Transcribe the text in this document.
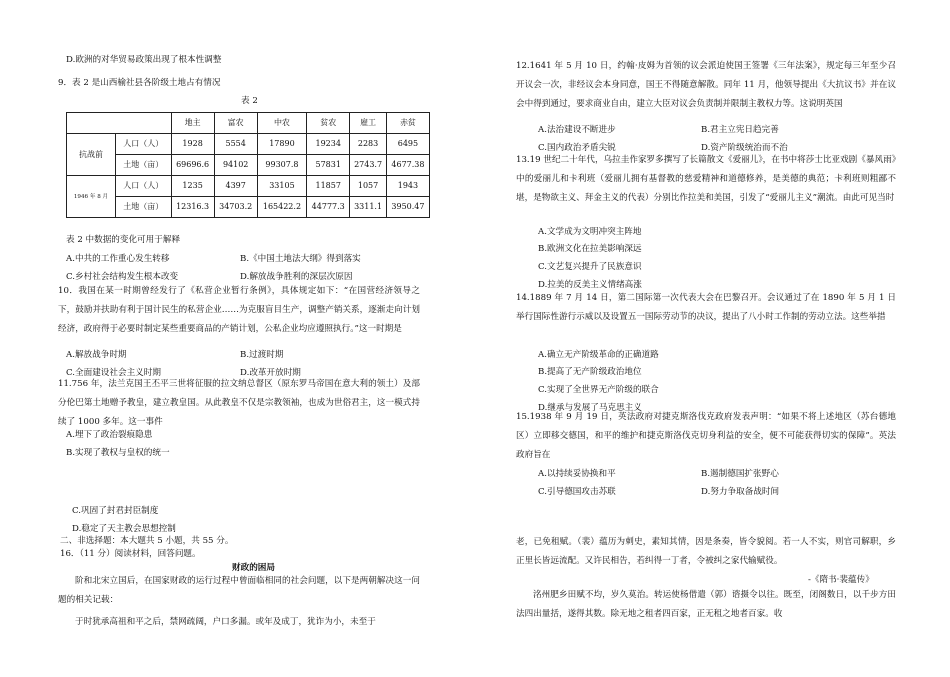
D.欧洲的对华贸易政策出现了根本性调整
9．表 2 是山西榆社县各阶级土地占有情况
表 2
		地主	富农	中农	贫农	雇工	赤贫
抗战前	人口（人）	1928	5554	17890	19234	2283	6495
	土地（亩）	69696.6	94102	99307.8	57831	2743.7	4677.38
1946 年 8 月	人口（人）	1235	4397	33105	11857	1057	1943
	土地（亩）	12316.3	34703.2	165422.2	44777.3	3311.1	3950.47
表 2 中数据的变化可用于解释
A.中共的工作重心发生转移	B.《中国土地法大纲》得到落实
C.乡村社会结构发生根本改变	D.解放战争胜利的深层次原因
10．我国在某一时期曾经发行了《私营企业暂行条例》，具体规定如下：“在国营经济领导之下，鼓励并扶助有利于国计民生的私营企业……为克服盲目生产，调整产销关系，逐渐走向计划经济，政府得于必要时制定某些重要商品的产销计划，公私企业均应遵照执行。”这一时期是
A.解放战争时期	B.过渡时期
C.全面建设社会主义时期	D.改革开放时期
11.756 年，法兰克国王丕平三世将征服的拉文纳总督区（原东罗马帝国在意大利的领土）及部分伦巴第土地赠予教皇，建立教皇国。从此教皇不仅是宗教领袖，也成为世俗君主，这一模式持续了 1000 多年。这一事件
A.埋下了政治裂痕隐患
B.实现了教权与皇权的统一
C.巩固了封君封臣制度
D.稳定了天主教会思想控制
二、非选择题：本大题共 5 小题，共 55 分。
16．（11 分）阅读材料，回答问题。
财政的困局
阶和北宋立国后，在国家财政的运行过程中曾面临相同的社会问题，以下是两朝解决这一问题的相关记载：
于时犹承高祖和平之后，禁网疏阔，户口多漏。或年及成丁，犹诈为小，未至于
12.1641 年 5 月 10 日，约翰·皮姆为首领的议会派迫使国王签署《三年法案》，规定每三年至少召开议会一次，非经议会本身同意，国王不得随意解散。同年 11 月，他领导提出《大抗议书》并在议会中得到通过，要求商业自由，建立大臣对议会负责制并限制主教权力等。这说明英国
A.法治建设不断进步	B.君主立宪日趋完善
C.国内政治矛盾尖锐	D.资产阶级统治而不治
13.19 世纪二十年代，乌拉圭作家罗多撰写了长篇散文《爱丽儿》，在书中将莎士比亚戏剧《暴风雨》中的爱丽儿和卡利班（爱丽儿拥有基督教的慈爱精神和道德修养，是美德的典范；卡利班则粗鄙不堪，是物欲主义、拜金主义的代表）分别比作拉美和美国，引发了“爱丽儿主义”潮流。由此可见当时
A.文学成为文明冲突主阵地
B.欧洲文化在拉美影响深远
C.文艺复兴提升了民族意识
D.拉美的反美主义情绪高涨
14.1889 年 7 月 14 日，第二国际第一次代表大会在巴黎召开。会议通过了在 1890 年 5 月 1 日举行国际性游行示威以及设置五一国际劳动节的决议，提出了八小时工作制的劳动立法。这些举措
A.确立无产阶级革命的正确道路
B.提高了无产阶级政治地位
C.实现了全世界无产阶级的联合
D.继承与发展了马克思主义
15.1938 年 9 月 19 日，英法政府对捷克斯洛伐克政府发表声明：“如果不将上述地区（苏台德地区）立即移交德国，和平的维护和捷克斯洛伐克切身利益的安全，便不可能获得切实的保障”。英法政府旨在
A.以持续妥协换和平	B.遏制德国扩张野心
C.引导德国攻击苏联	D.努力争取备战时间
老，已免租赋。（裴）蕴历为刺史，素知其情，因是条奏，皆令貌阅。若一人不实，则官司解职，乡正里长皆远流配。又许民相告，若纠得一丁者，令被纠之家代输赋役。
-《隋书·裴蕴传》
洺州肥乡田赋不均，岁久莫治。转运使杨借遣（郭）谘摄令以往。既至，闭阁数日，以千步方田法四出量括，遂得其数。除无地之租者四百家，正无租之地者百家。收
